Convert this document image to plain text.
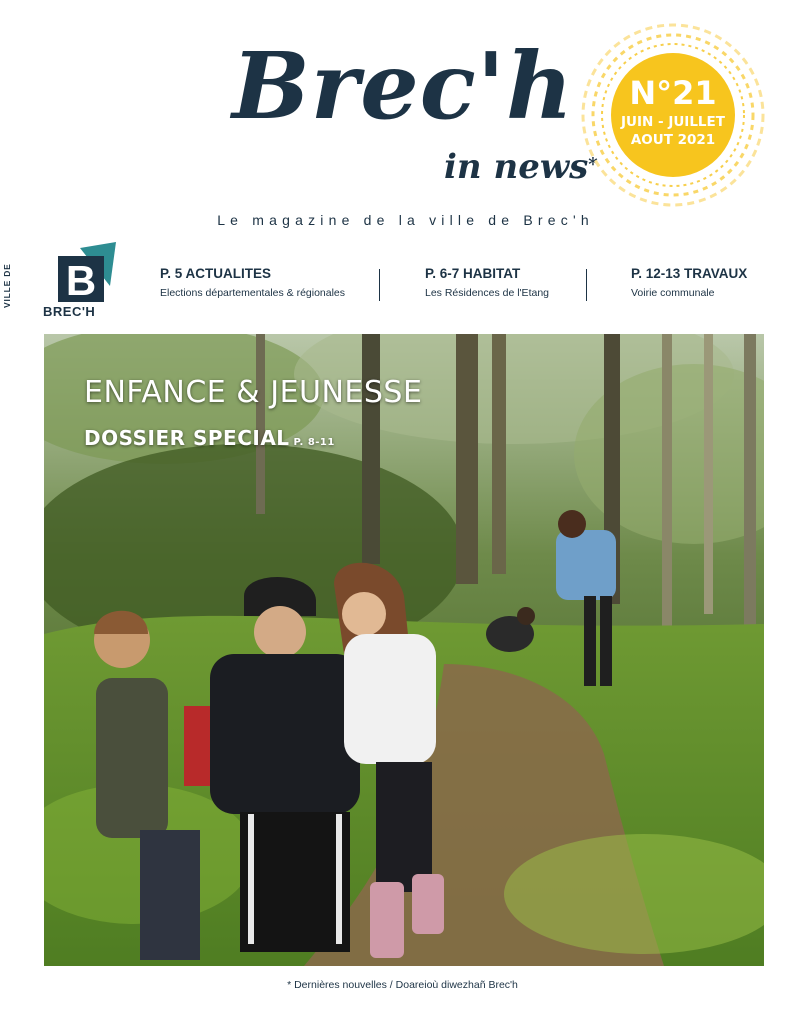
Brec'h
in news*
Le magazine de la ville de Brec'h
N°21
JUIN - JUILLET
AOUT 2021
B
VILLE DE
BREC'H
P. 5 ACTUALITES
Elections départementales & régionales
P. 6-7 HABITAT
Les Résidences de l'Etang
P. 12-13 TRAVAUX
Voirie communale
ENFANCE & JEUNESSE
DOSSIER SPECIAL P. 8-11
* Dernières nouvelles / Doareioù diwezhañ Brec'h
